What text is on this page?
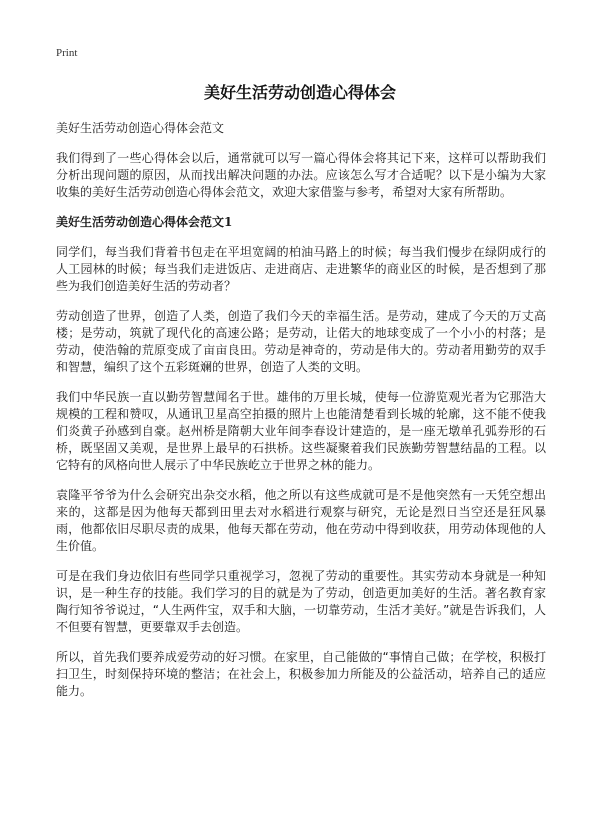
Print
美好生活劳动创造心得体会

美好生活劳动创造心得体会范文

我们得到了一些心得体会以后，通常就可以写一篇心得体会将其记下来，这样可以帮助我们分析出现问题的原因，从而找出解决问题的办法。应该怎么写才合适呢？以下是小编为大家收集的美好生活劳动创造心得体会范文，欢迎大家借鉴与参考，希望对大家有所帮助。

美好生活劳动创造心得体会范文1

同学们，每当我们背着书包走在平坦宽阔的柏油马路上的时候；每当我们慢步在绿阴成行的人工园林的时候；每当我们走进饭店、走进商店、走进繁华的商业区的时候，是否想到了那些为我们创造美好生活的劳动者？

劳动创造了世界，创造了人类，创造了我们今天的幸福生活。是劳动，建成了今天的万丈高楼；是劳动，筑就了现代化的高速公路；是劳动，让偌大的地球变成了一个小小的村落；是劳动，使浩翰的荒原变成了亩亩良田。劳动是神奇的，劳动是伟大的。劳动者用勤劳的双手和智慧，编织了这个五彩斑斓的世界，创造了人类的文明。

我们中华民族一直以勤劳智慧闻名于世。雄伟的万里长城，使每一位游览观光者为它那浩大规模的工程和赞叹，从通讯卫星高空拍摄的照片上也能清楚看到长城的轮廓，这不能不使我们炎黄子孙感到自豪。赵州桥是隋朝大业年间李春设计建造的，是一座无墩单孔弧券形的石桥，既坚固又美观，是世界上最早的石拱桥。这些凝聚着我们民族勤劳智慧结晶的工程。以它特有的风格向世人展示了中华民族屹立于世界之林的能力。

袁隆平爷爷为什么会研究出杂交水稻，他之所以有这些成就可是不是他突然有一天凭空想出来的，这都是因为他每天都到田里去对水稻进行观察与研究，无论是烈日当空还是狂风暴雨，他都依旧尽职尽责的成果，他每天都在劳动，他在劳动中得到收获，用劳动体现他的人生价值。

可是在我们身边依旧有些同学只重视学习，忽视了劳动的重要性。其实劳动本身就是一种知识，是一种生存的技能。我们学习的目的就是为了劳动，创造更加美好的生活。著名教育家陶行知爷爷说过，“人生两件宝，双手和大脑，一切靠劳动，生活才美好。”就是告诉我们，人不但要有智慧，更要靠双手去创造。

所以，首先我们要养成爱劳动的好习惯。在家里，自己能做的“事情自己做；在学校，积极打扫卫生，时刻保持环境的整洁；在社会上，积极参加力所能及的公益活动，培养自己的适应能力。
